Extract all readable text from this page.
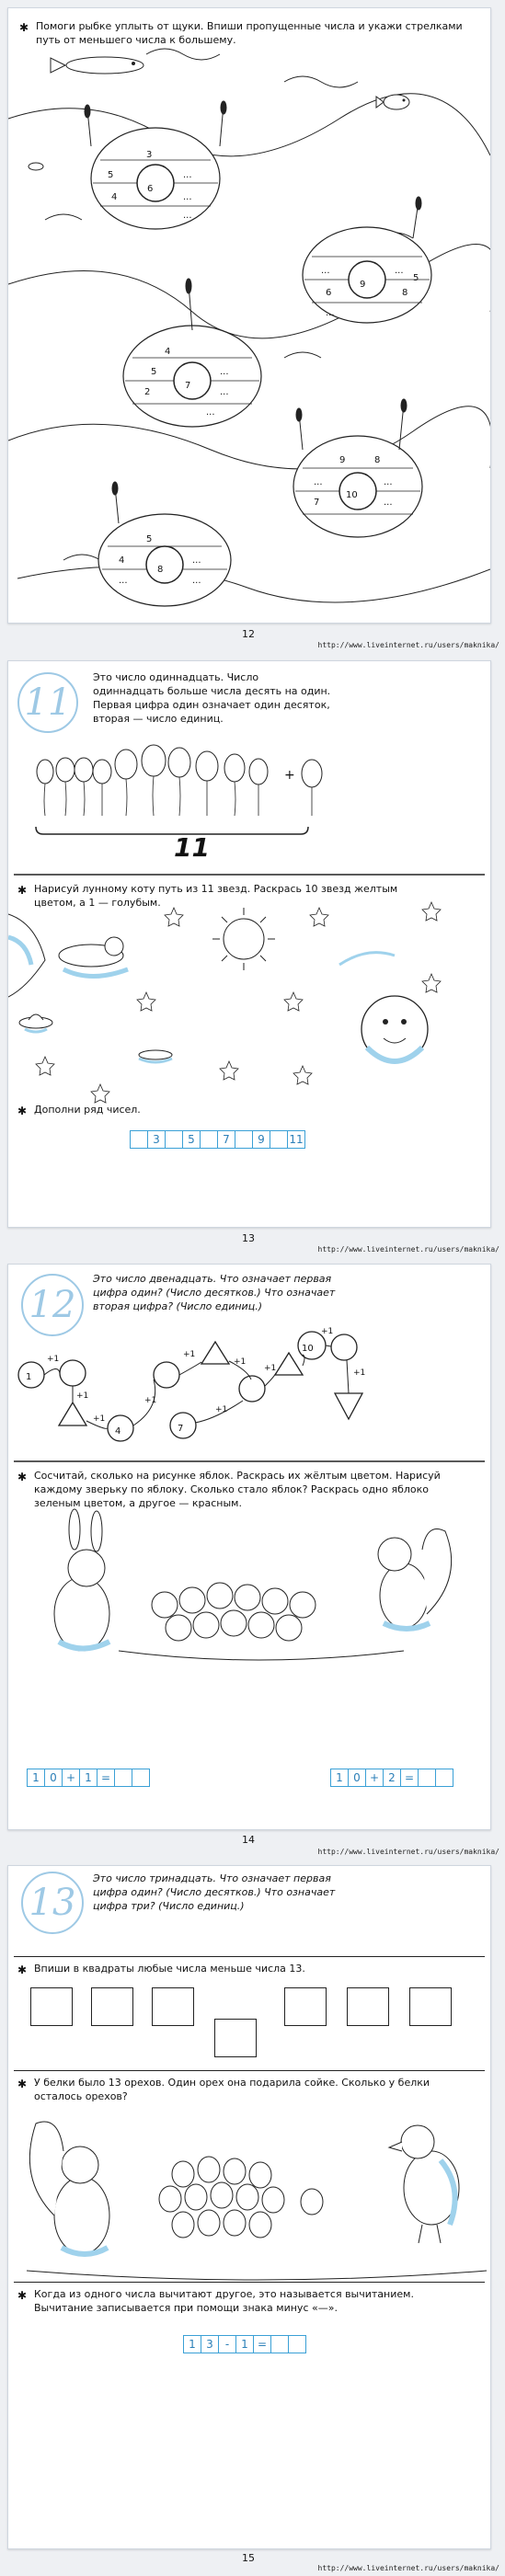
✱ Помоги рыбке уплыть от щуки. Впиши пропущенные числа и укажи стрелками путь от меньшего числа к большему.
6
5
4
3
...
...
...
9
...
6
...
...
8
5
7
2
5
4
...
...
...
10
...
7
9
...
...
8
8
4
5
...
...
...
12
http://www.liveinternet.ru/users/maknika/
11
Это число одиннадцать. Число одиннадцать больше числа десять на один. Первая цифра один означает один десяток, вторая — число единиц.
+
11
✱ Нарисуй лунному коту путь из 11 звезд. Раскрась 10 звезд желтым цветом, а 1 — голубым.
✱ Дополни ряд чисел.
3	5	7	9	11
13
http://www.liveinternet.ru/users/maknika/
12
Это число двенадцать. Что означает первая цифра один? (Число десятков.) Что означает вторая цифра? (Число единиц.)
1
4	7
10
+1
+1
+1
+1
+1
+1
+1
+1
+1
+1
✱ Сосчитай, сколько на рисунке яблок. Раскрась их жёлтым цветом. Нарисуй каждому зверьку по яблоку. Сколько стало яблок? Раскрась одно яблоко зеленым цветом, а другое — красным.
1 0 + 1 =	1 0 + 2 =
14
http://www.liveinternet.ru/users/maknika/
13
Это число тринадцать. Что означает первая цифра один? (Число десятков.) Что означает цифра три? (Число единиц.)
✱ Впиши в квадраты любые числа меньше числа 13.
✱ У белки было 13 орехов. Один орех она подарила сойке. Сколько у белки осталось орехов?
✱ Когда из одного числа вычитают другое, это называется вычитанием. Вычитание записывается при помощи знака минус «—».
1 3	-	1 =
15
http://www.liveinternet.ru/users/maknika/
